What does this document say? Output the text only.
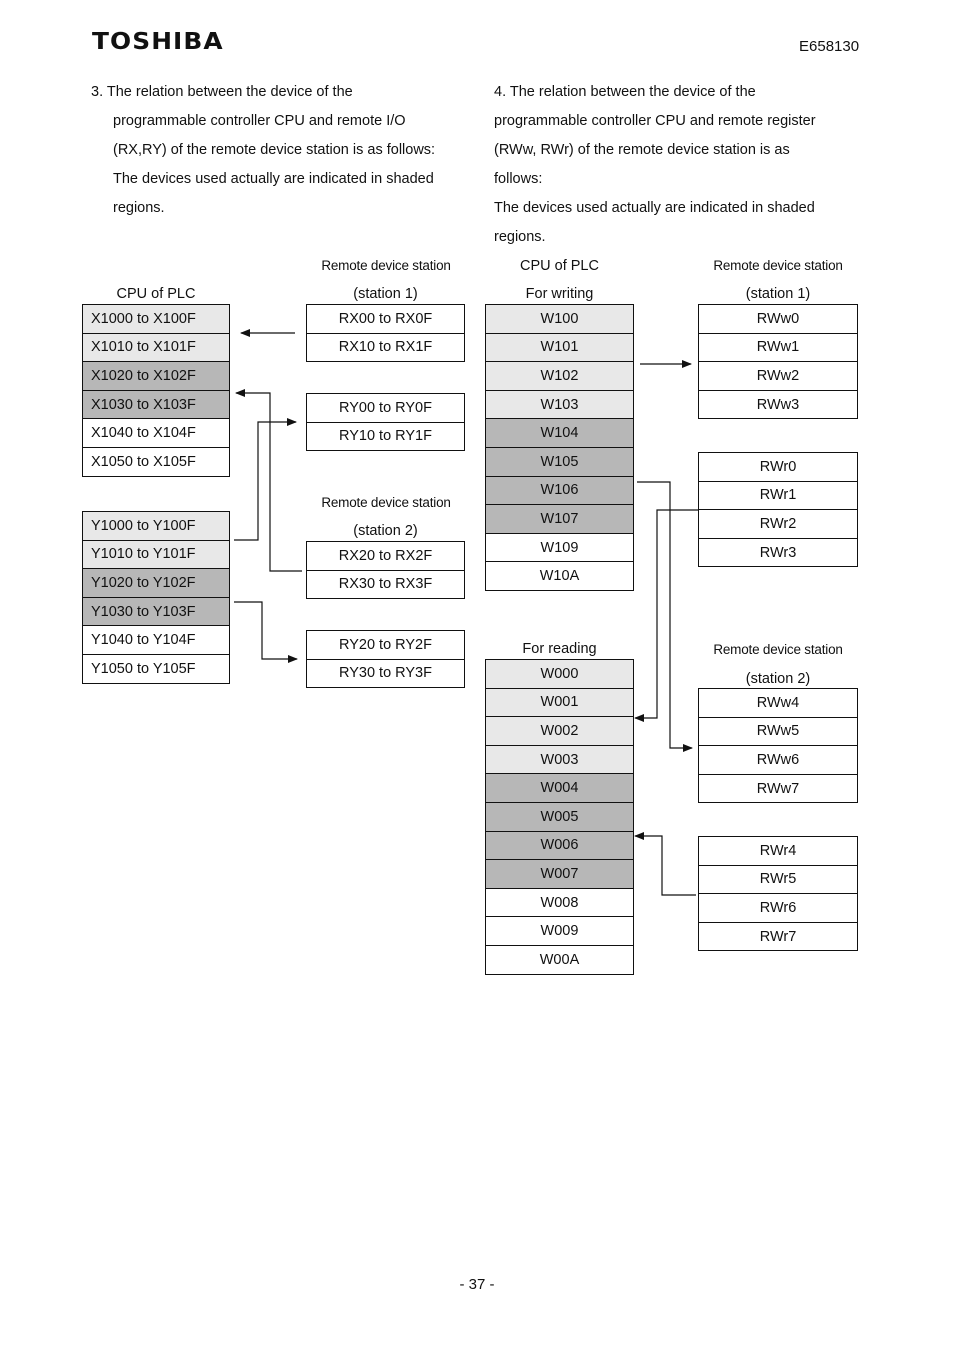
TOSHIBA	E658130

3. The relation between the device of the
programmable controller CPU and remote I/O
(RX,RY) of the remote device station is as follows:
The devices used actually are indicated in shaded
regions.

4. The relation between the device of the
programmable controller CPU and remote register
(RWw, RWr) of the remote device station is as
follows:
The devices used actually are indicated in shaded
regions.

CPU of PLC
Remote device station
(station 1)
Remote device station
(station 2)
X1000 to X100F
X1010 to X101F
X1020 to X102F
X1030 to X103F
X1040 to X104F
X1050 to X105F
Y1000 to Y100F
Y1010 to Y101F
Y1020 to Y102F
Y1030 to Y103F
Y1040 to Y104F
Y1050 to Y105F
RX00 to RX0F
RX10 to RX1F
RY00 to RY0F
RY10 to RY1F
RX20 to RX2F
RX30 to RX3F
RY20 to RY2F
RY30 to RY3F
CPU of PLC
For writing
For reading
Remote device station
(station 1)
Remote device station
(station 2)
W100
W101
W102
W103
W104
W105
W106
W107
W109
W10A
W000
W001
W002
W003
W004
W005
W006
W007
W008
W009
W00A
RWw0
RWw1
RWw2
RWw3
RWr0
RWr1
RWr2
RWr3
RWw4
RWw5
RWw6
RWw7
RWr4
RWr5
RWr6
RWr7
- 37 -
